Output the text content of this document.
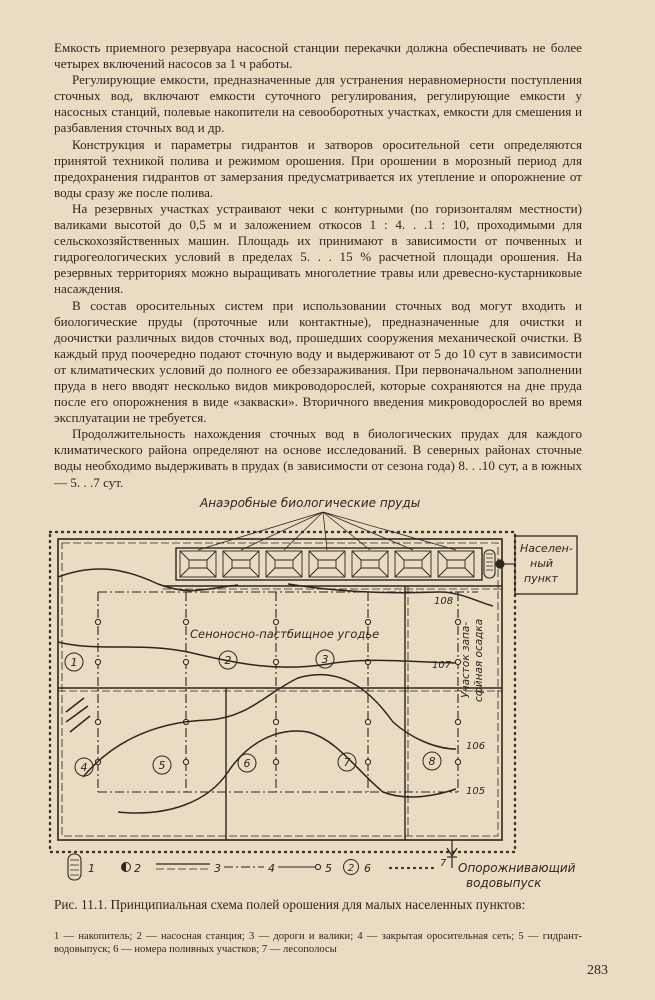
Емкость приемного резервуара насосной станции перекачки должна обеспечивать не более четырех включений насосов за 1 ч работы.

Регулирующие емкости, предназначенные для устранения неравномерности поступления сточных вод, включают емкости суточного регулирования, регулирующие емкости у насосных станций, полевые накопители на севооборотных участках, емкости для смешения и разбавления сточных вод и др.

Конструкция и параметры гидрантов и затворов оросительной сети определяются принятой техникой полива и режимом орошения. При орошении в морозный период для предохранения гидрантов от замерзания предусматривается их утепление и опорожнение от воды сразу же после полива.

На резервных участках устраивают чеки с контурными (по горизонталям местности) валиками высотой до 0,5 м и заложением откосов 1 : 4. . .1 : 10, проходимыми для сельскохозяйственных машин. Площадь их принимают в зависимости от почвенных и гидрогеологических условий в пределах 5. . . 15 % расчетной площади орошения. На резервных территориях можно выращивать многолетние травы или древесно-кустарниковые насаждения.

В состав оросительных систем при использовании сточных вод могут входить и биологические пруды (проточные или контактные), предназначенные для очистки и доочистки различных видов сточных вод, прошедших сооружения механической очистки. В каждый пруд поочередно подают сточную воду и выдерживают от 5 до 10 сут в зависимости от климатических условий до полного ее обеззараживания. При первоначальном заполнении пруда в него вводят несколько видов микроводорослей, которые сохраняются на дне пруда после его опорожнения в виде «закваски». Вторичного введения микроводорослей во время эксплуатации не требуется.

Продолжительность нахождения сточных вод в биологических прудах для каждого климатического района определяют на основе исследований. В северных районах сточные воды необходимо выдерживать в прудах (в зависимости от сезона года) 8. . .10 сут, а в южных — 5. . .7 сут.

108
107
106
105
Анаэробные биологические пруды
Населен-
ный
пункт
Сеноносно-пастбищное угодье	Участок запа- сфйная осадка
1	2	3
4	5	6	7	8
Опорожнивающий
водовыпуск
1	2	3	4	5 2 6	7
Рис. 11.1. Принципиальная схема полей орошения для малых населенных пунктов:
1 — накопитель; 2 — насосная станция; 3 — дороги и валики; 4 — закрытая оросительная сеть; 5 — гидрант-водовыпуск; 6 — номера поливных участков; 7 — лесополосы
283
